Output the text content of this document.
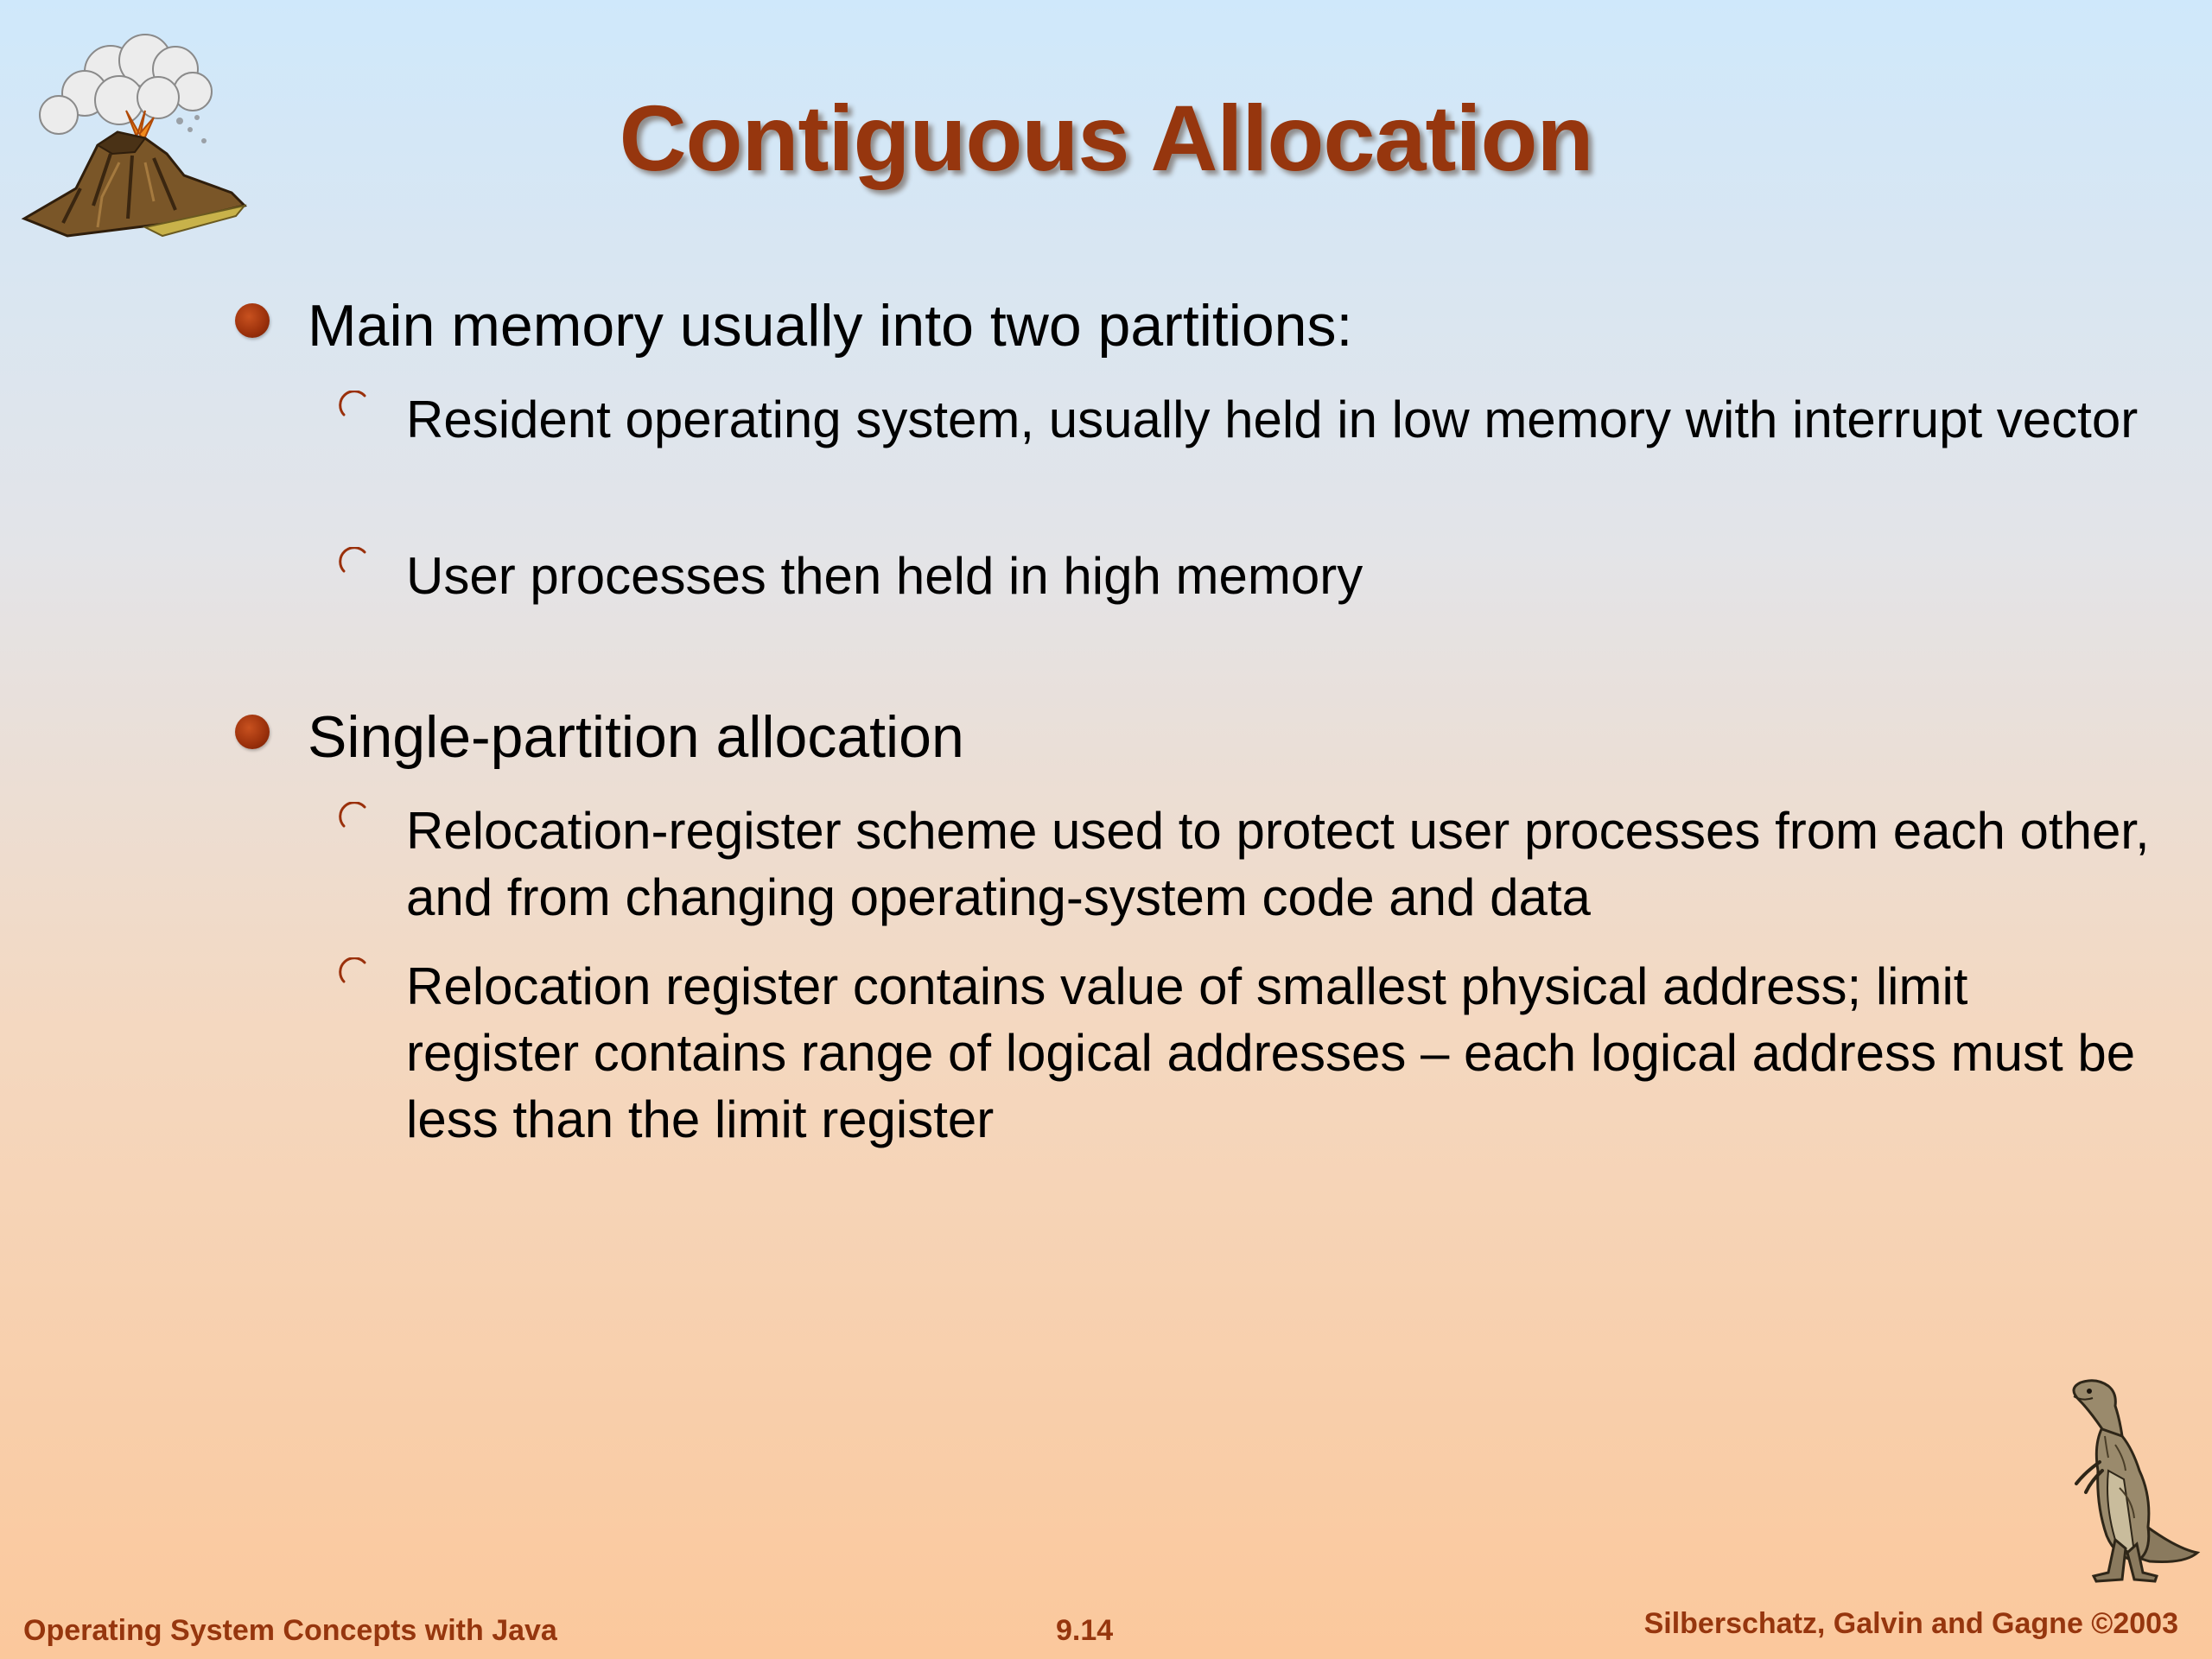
Contiguous Allocation
Main memory usually into two partitions:
Resident operating system, usually held in low memory with interrupt vector
User processes then held in high memory
Single-partition allocation
Relocation-register scheme used to protect user processes from each other, and from changing operating-system code and data
Relocation register contains value of smallest physical address; limit register contains range of logical addresses – each logical address must be less than the limit register
Operating System Concepts with Java	9.14	Silberschatz, Galvin and Gagne ©2003
